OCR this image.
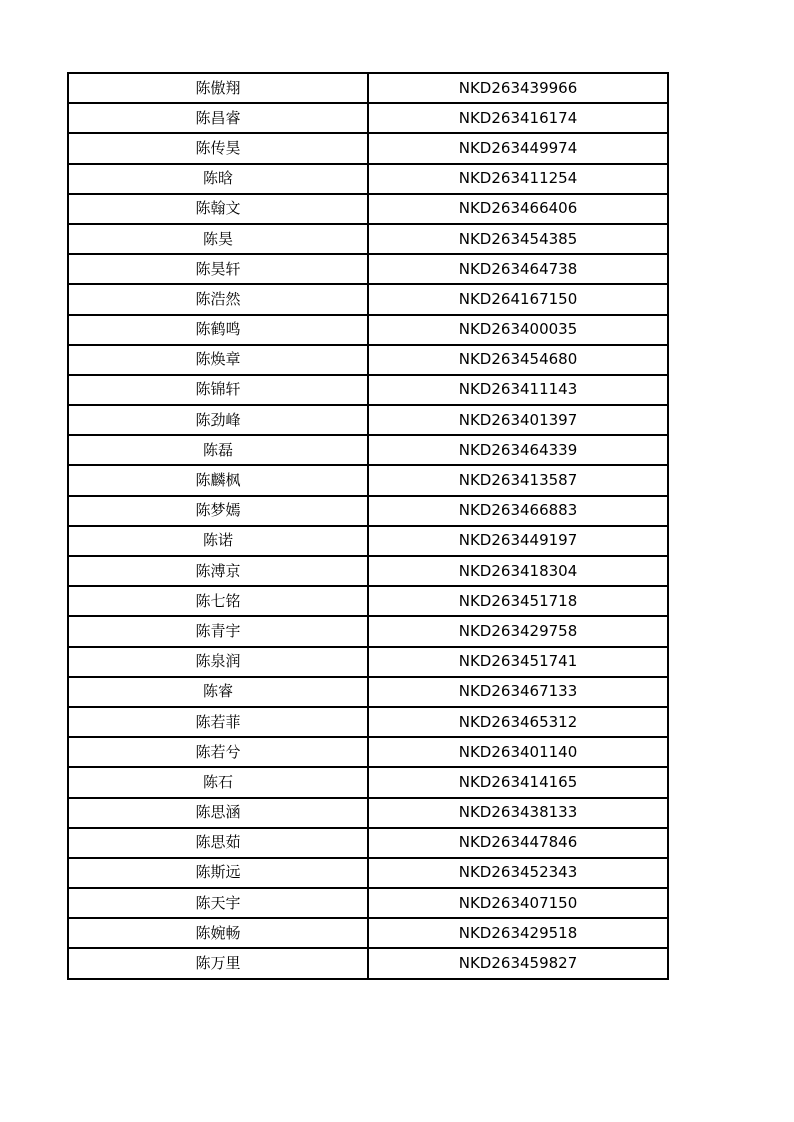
陈傲翔	NKD263439966
陈昌睿	NKD263416174
陈传昊	NKD263449974
陈晗	NKD263411254
陈翰文	NKD263466406
陈昊	NKD263454385
陈昊轩	NKD263464738
陈浩然	NKD264167150
陈鹤鸣	NKD263400035
陈焕章	NKD263454680
陈锦轩	NKD263411143
陈劲峰	NKD263401397
陈磊	NKD263464339
陈麟枫	NKD263413587
陈梦嫣	NKD263466883
陈诺	NKD263449197
陈溥京	NKD263418304
陈七铭	NKD263451718
陈青宇	NKD263429758
陈泉润	NKD263451741
陈睿	NKD263467133
陈若菲	NKD263465312
陈若兮	NKD263401140
陈石	NKD263414165
陈思涵	NKD263438133
陈思茹	NKD263447846
陈斯远	NKD263452343
陈天宇	NKD263407150
陈婉畅	NKD263429518
陈万里	NKD263459827
